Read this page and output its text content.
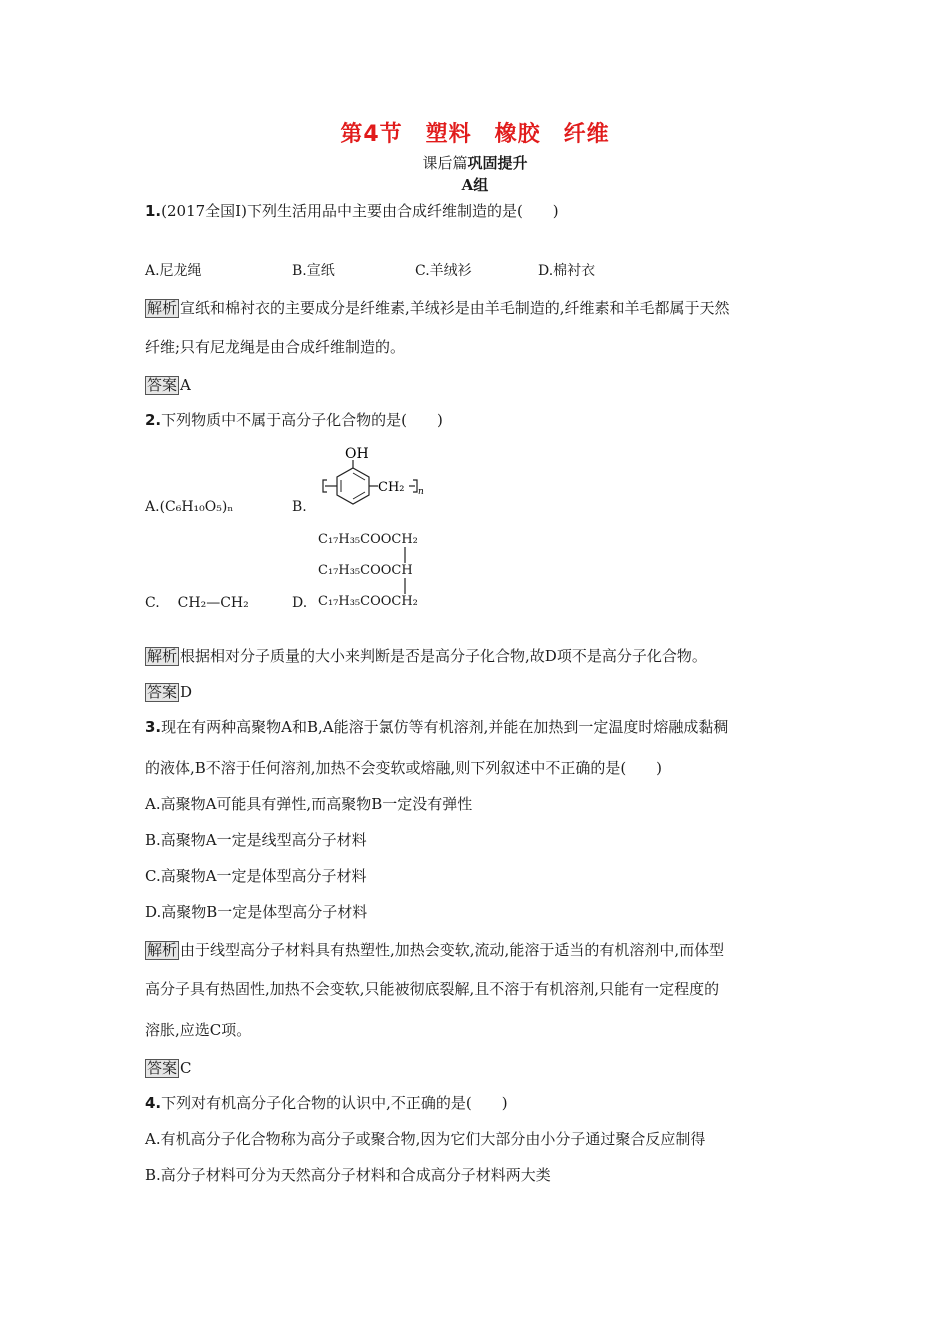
第4节　塑料　橡胶　纤维
课后篇巩固提升
A组
1.(2017全国Ⅰ)下列生活用品中主要由合成纤维制造的是(　　)
A.尼龙绳	B.宣纸	C.羊绒衫	D.棉衬衣
解析 宣纸和棉衬衣的主要成分是纤维素,羊绒衫是由羊毛制造的,纤维素和羊毛都属于天然
纤维;只有尼龙绳是由合成纤维制造的。
答案 A
2.下列物质中不属于高分子化合物的是(　　)
A.(C₆H₁₀O₅)ₙ	B.
OH
CH₂ n
C. CH₂—CH₂	D.
C₁₇H₃₅COOCH₂
C₁₇H₃₅COOCH
C₁₇H₃₅COOCH₂
解析 根据相对分子质量的大小来判断是否是高分子化合物,故D项不是高分子化合物。
答案 D
3.现在有两种高聚物A和B,A能溶于氯仿等有机溶剂,并能在加热到一定温度时熔融成黏稠
的液体,B不溶于任何溶剂,加热不会变软或熔融,则下列叙述中不正确的是(　　)
A.高聚物A可能具有弹性,而高聚物B一定没有弹性
B.高聚物A一定是线型高分子材料
C.高聚物A一定是体型高分子材料
D.高聚物B一定是体型高分子材料
解析 由于线型高分子材料具有热塑性,加热会变软,流动,能溶于适当的有机溶剂中,而体型
高分子具有热固性,加热不会变软,只能被彻底裂解,且不溶于有机溶剂,只能有一定程度的
溶胀,应选C项。
答案 C
4.下列对有机高分子化合物的认识中,不正确的是(　　)
A.有机高分子化合物称为高分子或聚合物,因为它们大部分由小分子通过聚合反应制得
B.高分子材料可分为天然高分子材料和合成高分子材料两大类
